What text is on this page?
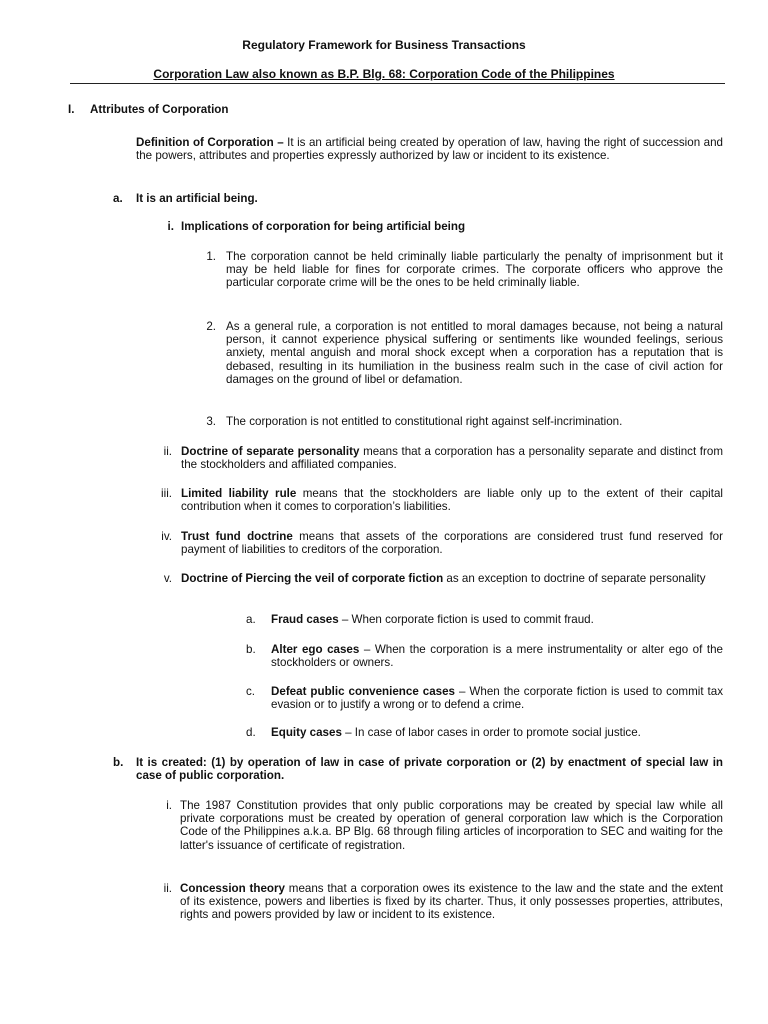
Regulatory Framework for Business Transactions
Corporation Law also known as B.P. Blg. 68: Corporation Code of the Philippines
I.	Attributes of Corporation
Definition of Corporation – It is an artificial being created by operation of law, having the right of succession and the powers, attributes and properties expressly authorized by law or incident to its existence.
a.	It is an artificial being.
i. Implications of corporation for being artificial being
1. The corporation cannot be held criminally liable particularly the penalty of imprisonment but it may be held liable for fines for corporate crimes. The corporate officers who approve the particular corporate crime will be the ones to be held criminally liable.
2. As a general rule, a corporation is not entitled to moral damages because, not being a natural person, it cannot experience physical suffering or sentiments like wounded feelings, serious anxiety, mental anguish and moral shock except when a corporation has a reputation that is debased, resulting in its humiliation in the business realm such in the case of civil action for damages on the ground of libel or defamation.
3. The corporation is not entitled to constitutional right against self-incrimination.
ii. Doctrine of separate personality means that a corporation has a personality separate and distinct from the stockholders and affiliated companies.
iii. Limited liability rule means that the stockholders are liable only up to the extent of their capital contribution when it comes to corporation’s liabilities.
iv. Trust fund doctrine means that assets of the corporations are considered trust fund reserved for payment of liabilities to creditors of the corporation.
v. Doctrine of Piercing the veil of corporate fiction as an exception to doctrine of separate personality
a.	Fraud cases – When corporate fiction is used to commit fraud.
b.	Alter ego cases – When the corporation is a mere instrumentality or alter ego of the stockholders or owners.
c.	Defeat public convenience cases – When the corporate fiction is used to commit tax evasion or to justify a wrong or to defend a crime.
d.	Equity cases – In case of labor cases in order to promote social justice.
b.	It is created: (1) by operation of law in case of private corporation or (2) by enactment of special law in case of public corporation.
i. The 1987 Constitution provides that only public corporations may be created by special law while all private corporations must be created by operation of general corporation law which is the Corporation Code of the Philippines a.k.a. BP Blg. 68 through filing articles of incorporation to SEC and waiting for the latter's issuance of certificate of registration.
ii. Concession theory means that a corporation owes its existence to the law and the state and the extent of its existence, powers and liberties is fixed by its charter. Thus, it only possesses properties, attributes, rights and powers provided by law or incident to its existence.
